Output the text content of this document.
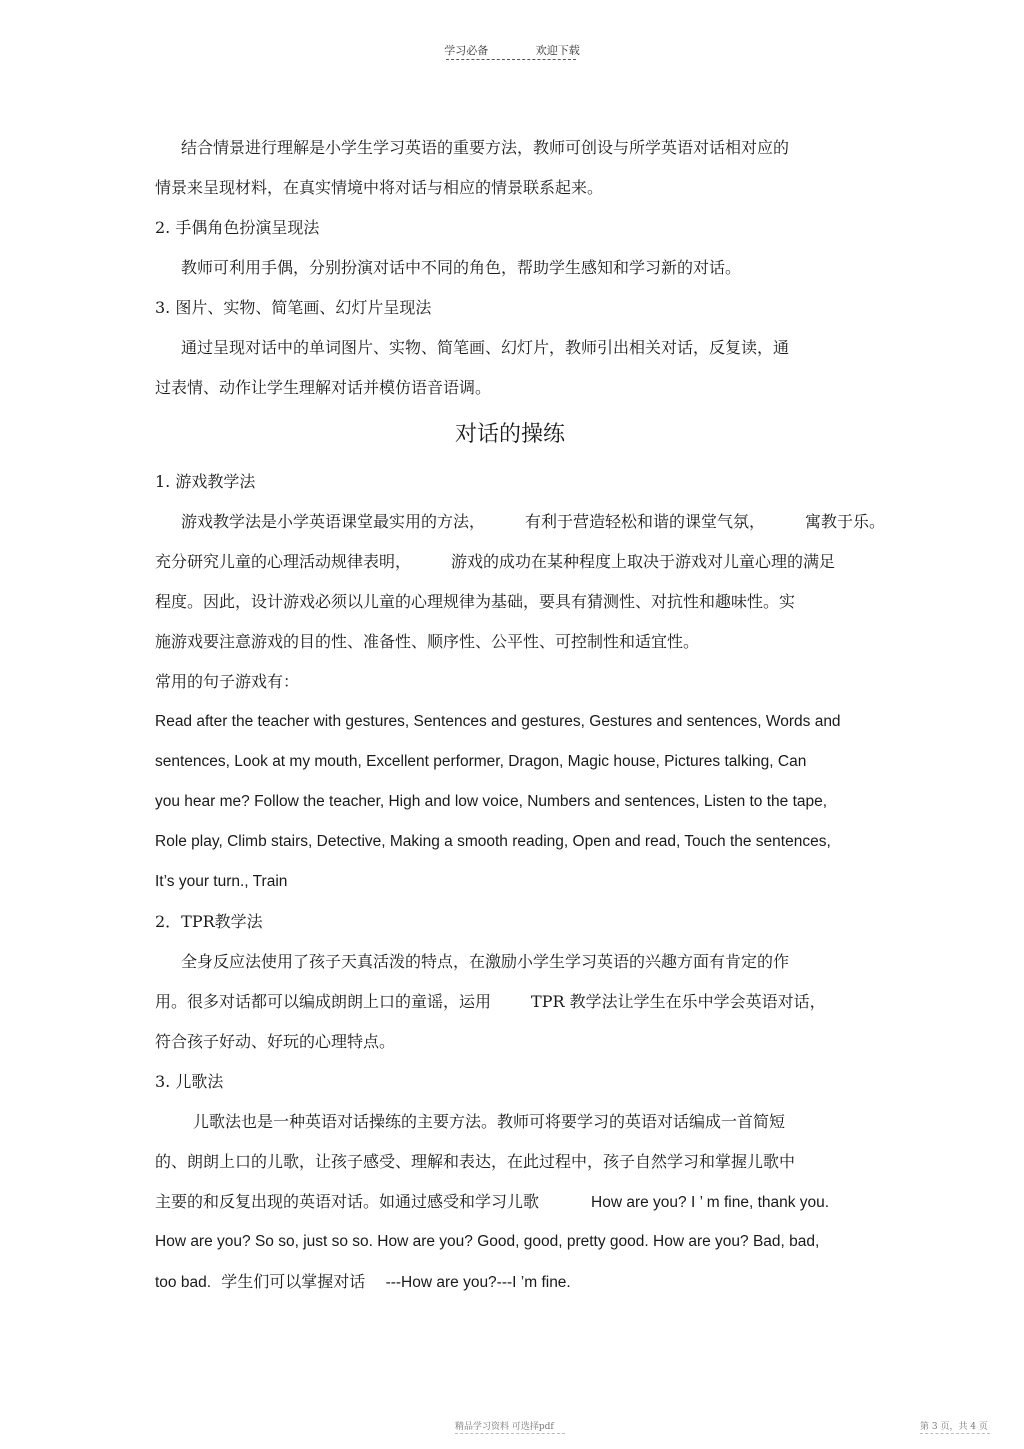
学习必备	欢迎下载
结合情景进行理解是小学生学习英语的重要方法，教师可创设与所学英语对话相对应的
情景来呈现材料，在真实情境中将对话与相应的情景联系起来。
2. 手偶角色扮演呈现法
教师可利用手偶，分别扮演对话中不同的角色，帮助学生感知和学习新的对话。
3. 图片、实物、简笔画、幻灯片呈现法
通过呈现对话中的单词图片、实物、简笔画、幻灯片，教师引出相关对话，反复读，通
过表情、动作让学生理解对话并模仿语音语调。
对话的操练
1. 游戏教学法
游戏教学法是小学英语课堂最实用的方法，	有利于营造轻松和谐的课堂气氛，	寓教于乐。
充分研究儿童的心理活动规律表明，	游戏的成功在某种程度上取决于游戏对儿童心理的满足
程度。因此，设计游戏必须以儿童的心理规律为基础，要具有猜测性、对抗性和趣味性。实
施游戏要注意游戏的目的性、准备性、顺序性、公平性、可控制性和适宜性。
常用的句子游戏有：
Read after the teacher with gestures, Sentences and gestures, Gestures and sentences, Words and
sentences, Look at my mouth, Excellent performer, Dragon, Magic house, Pictures talking, Can
you hear me? Follow the teacher, High and low voice, Numbers and sentences, Listen to the tape,
Role play, Climb stairs, Detective, Making a smooth reading, Open and read, Touch the sentences,
It’s your turn., Train
2．TPR教学法
全身反应法使用了孩子天真活泼的特点，在激励小学生学习英语的兴趣方面有肯定的作
用。很多对话都可以编成朗朗上口的童谣，运用	TPR 教学法让学生在乐中学会英语对话，
符合孩子好动、好玩的心理特点。
3. 儿歌法
儿歌法也是一种英语对话操练的主要方法。教师可将要学习的英语对话编成一首简短
的、朗朗上口的儿歌，让孩子感受、理解和表达，在此过程中，孩子自然学习和掌握儿歌中
主要的和反复出现的英语对话。如通过感受和学习儿歌	How are you? I ’ m fine, thank you.
How are you? So so, just so so. How are you? Good, good, pretty good. How are you? Bad, bad,
too bad. 学生们可以掌握对话 ---How are you?---I ’m fine.
精品学习资料 可选择pdf	第 3 页，共 4 页
